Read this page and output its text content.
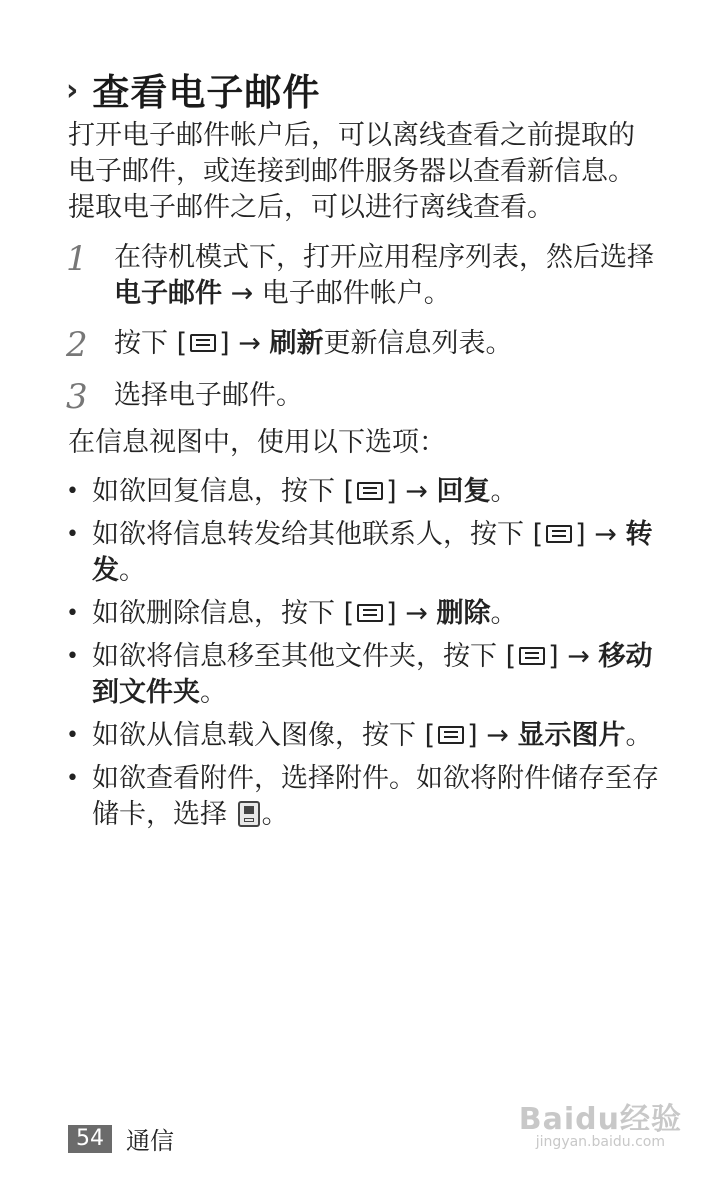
› 查看电子邮件
打开电子邮件帐户后，可以离线查看之前提取的电子邮件，或连接到邮件服务器以查看新信息。提取电子邮件之后，可以进行离线查看。
1 在待机模式下，打开应用程序列表，然后选择电子邮件 → 电子邮件帐户。
2 按下 [ ] → 刷新更新信息列表。
3 选择电子邮件。
在信息视图中，使用以下选项：
• 如欲回复信息，按下 [ ] → 回复。
• 如欲将信息转发给其他联系人，按下 [ ] → 转发。
• 如欲删除信息，按下 [ ] → 删除。
• 如欲将信息移至其他文件夹，按下 [ ] → 移动到文件夹。
• 如欲从信息载入图像，按下 [ ] → 显示图片。
• 如欲查看附件，选择附件。如欲将附件储存至存储卡，选择 。
54 通信
Baidu经验
jingyan.baidu.com
